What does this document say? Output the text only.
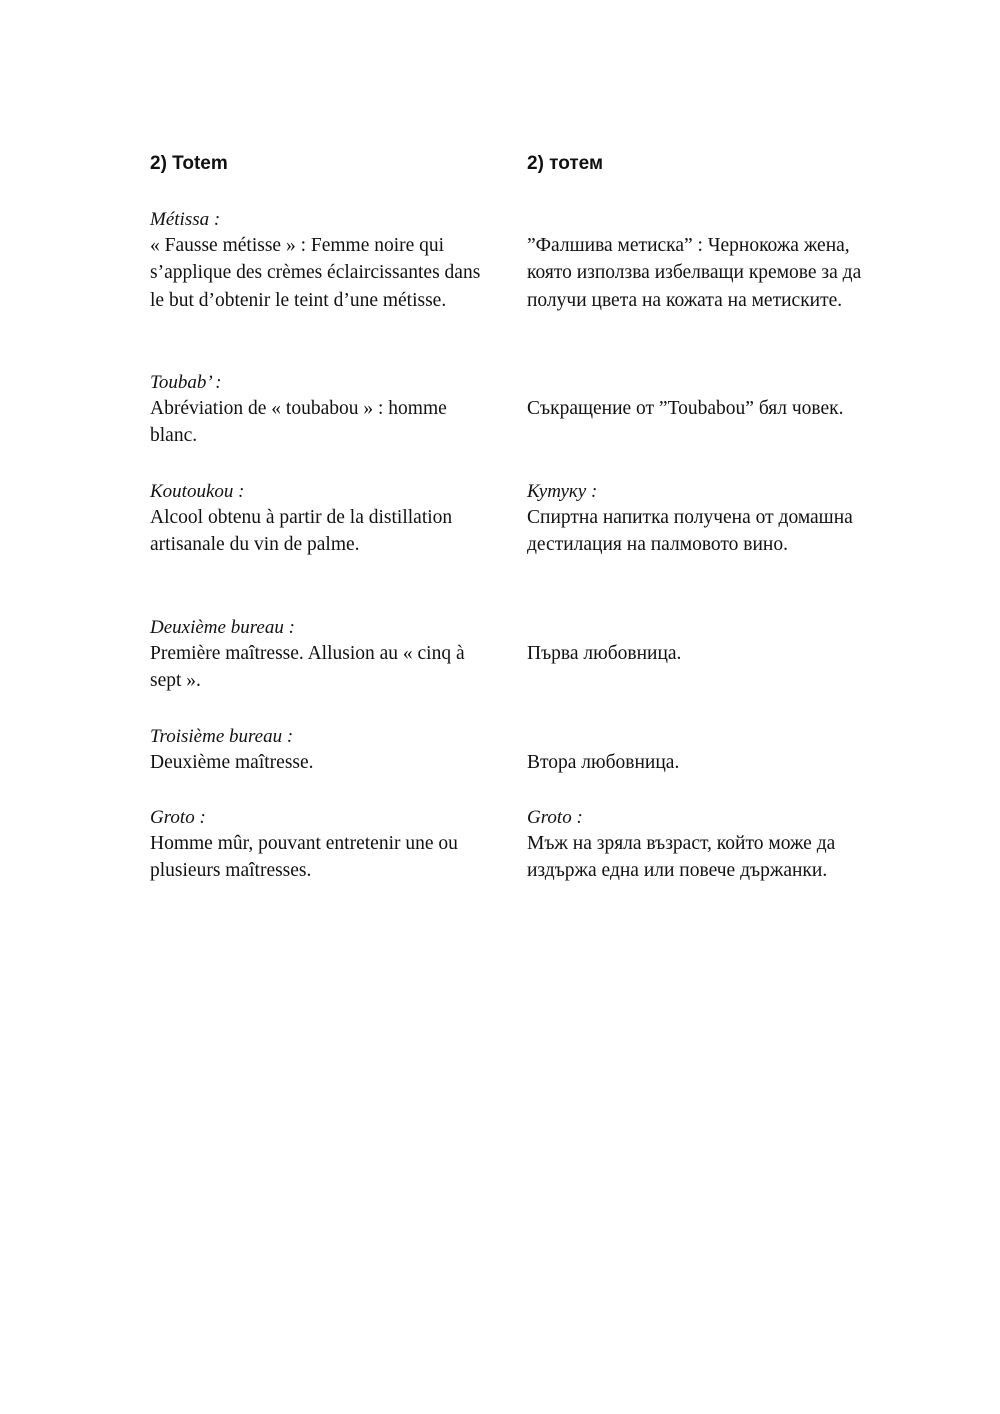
2) Totem
Métissa :
« Fausse métisse » : Femme noire qui s’applique des crèmes éclaircissantes dans le but d’obtenir le teint d’une métisse.
Toubab’ :
Abréviation de « toubabou » : homme blanc.
Koutoukou :
Alcool obtenu à partir de la distillation artisanale du vin de palme.
Deuxième bureau :
Première maîtresse. Allusion au « cinq à sept ».
Troisième bureau :
Deuxième maîtresse.
Groto :
Homme mûr, pouvant entretenir une ou plusieurs maîtresses.
2) тотем
”Фалшива метиска” : Чернокожа жена, която използва избелващи кремове за да получи цвета на кожата на метиските.
Съкращение от ”Toubabou” бял човек.
Кутуку :
Спиртна напитка получена от домашна дестилация на палмовото вино.
Първа любовница.
Втора любовница.
Groto :
Мъж на зряла възраст, който може да издържа една или повече държанки.
